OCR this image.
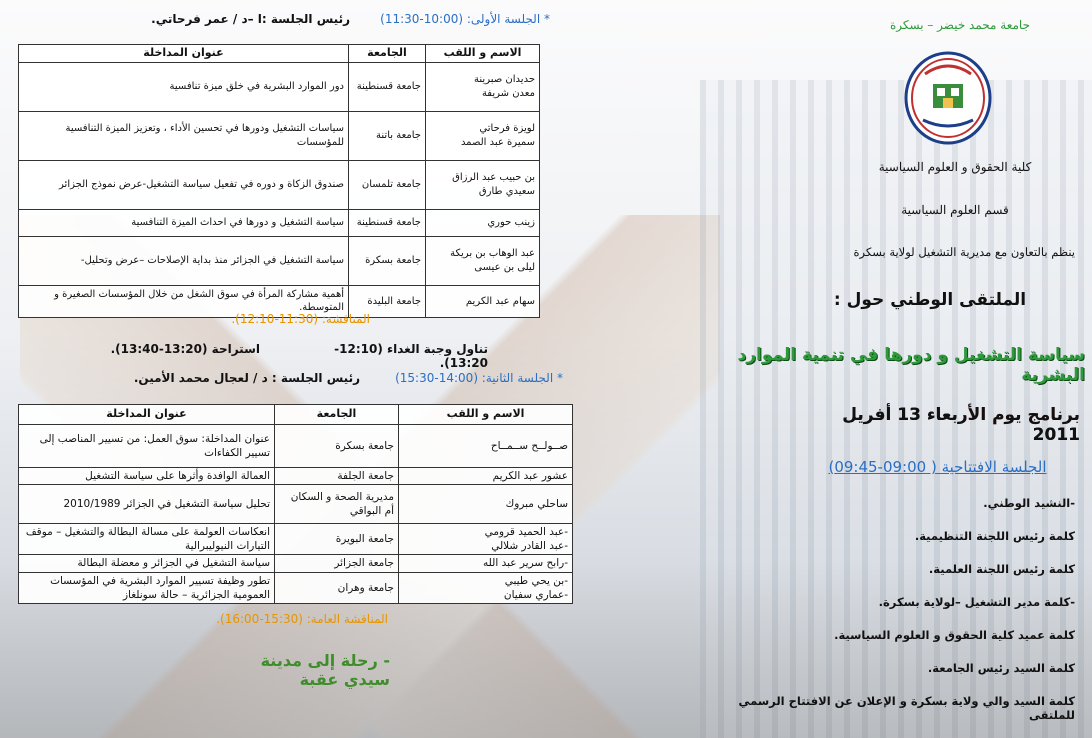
جامعة محمد خيضر – بسكرة
كلية الحقوق و العلوم السياسية
قسم العلوم السياسية
ينظم بالتعاون مع مديرية التشغيل لولاية بسكرة
الملتقى الوطني حول :
سياسة التشغيل و دورها في تنمية الموارد البشرية
برنامج يوم الأربعاء 13 أفريل 2011
الجلسة الافتتاحية ( 09:00-09:45)

-النشيد الوطني.

كلمة رئيس اللجنة التنظيمية.

كلمة رئيس اللجنة العلمية.

-كلمة مدير التشغيل –لولاية بسكرة.

كلمة عميد كلية الحقوق و العلوم السياسية.

كلمة السيد رئيس الجامعة.

كلمة السيد والي ولاية بسكرة و الإعلان عن الافتتاح الرسمي للملتقى

* الجلسة الأولى: (10:00-11:30)
رئيس الجلسة :ا –د / عمر فرحاتي.
الاسم و اللقب	الجامعة	عنوان المداخلة

حديدان صبرينة
معدن شريفة	جامعة قسنطينة	دور الموارد البشرية في خلق ميزة تنافسية

لويزة فرحاتي
سميرة عبد الصمد	جامعة باتنة	سياسات التشغيل ودورها في تحسين الأداء ، وتعزيز الميزة التنافسية للمؤسسات

بن حبيب عبد الرزاق
سعيدي طارق	جامعة تلمسان	صندوق الزكاة و دوره في تفعيل سياسة التشغيل-عرض نموذج الجزائر

زينب حوري	جامعة قسنطينة	سياسة التشغيل و دورها في احداث الميزة التنافسية

عبد الوهاب بن بريكة
ليلى بن عيسى	جامعة بسكرة	سياسة التشغيل في الجزائر منذ بداية الإصلاحات –عرض وتحليل-

سهام عبد الكريم	جامعة البليدة	أهمية مشاركة المرأة في سوق الشغل من خلال المؤسسات الصغيرة و المتوسطة.
المناقشة: (11:30-12:10).
تناول وجبة الغداء (12:10-13:20).
استراحة (13:20-13:40).
* الجلسة الثانية: (14:00-15:30)
رئيس الجلسة : د / لعجال محمد الأمين.
الاسم و اللقب	الجامعة	عنوان المداخلة

صــولــح ســمــاح	جامعة بسكرة	عنوان المداخلة: سوق العمل: من تسيير المناصب إلى تسيير الكفاءات

عشور عبد الكريم	جامعة الجلفة	العمالة الوافدة وأثرها على سياسة التشغيل

ساحلي مبروك	مديرية الصحة و السكان أم البواقي	تحليل سياسة التشغيل في الجزائر 2010/1989

-عبد الحميد قرومي
-عبد القادر شلالي	جامعة البويرة	انعكاسات العولمة على مسالة البطالة والتشغيل – موقف التيارات النيوليبرالية

-رابح سرير عبد الله	جامعة الجزائر	سياسة التشغيل في الجزائر و معضلة البطالة

-بن يحي طيبي
-عماري سفيان	جامعة وهران	تطور وظيفة تسيير الموارد البشرية في المؤسسات العمومية الجزائرية – حالة سونلغاز
المناقشة العامة: (15:30-16:00).
- رحلة إلى مدينة سيدي عقبة
